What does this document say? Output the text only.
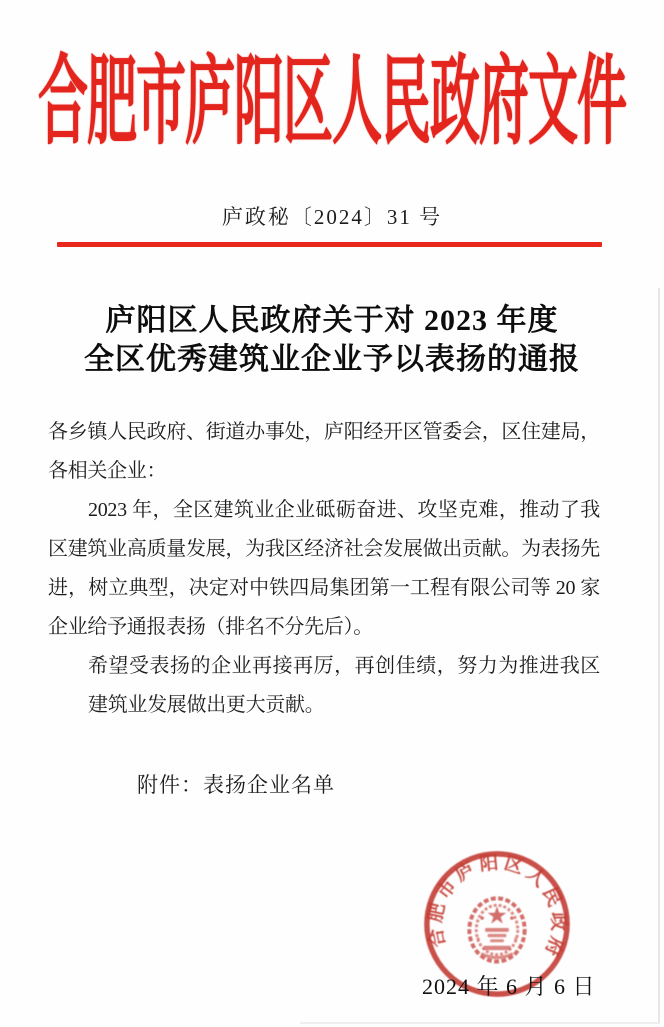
合肥市庐阳区人民政府文件
庐政秘〔2024〕31 号
庐阳区人民政府关于对 2023 年度
全区优秀建筑业企业予以表扬的通报

各乡镇人民政府、街道办事处，庐阳经开区管委会，区住建局，各相关企业：

2023 年，全区建筑业企业砥砺奋进、攻坚克难，推动了我区建筑业高质量发展，为我区经济社会发展做出贡献。为表扬先进，树立典型，决定对中铁四局集团第一工程有限公司等 20 家企业给予通报表扬（排名不分先后）。

希望受表扬的企业再接再厉，再创佳绩，努力为推进我区建筑业发展做出更大贡献。

附件：表扬企业名单
合肥市庐阳区人民政府
2024 年 6 月 6 日
